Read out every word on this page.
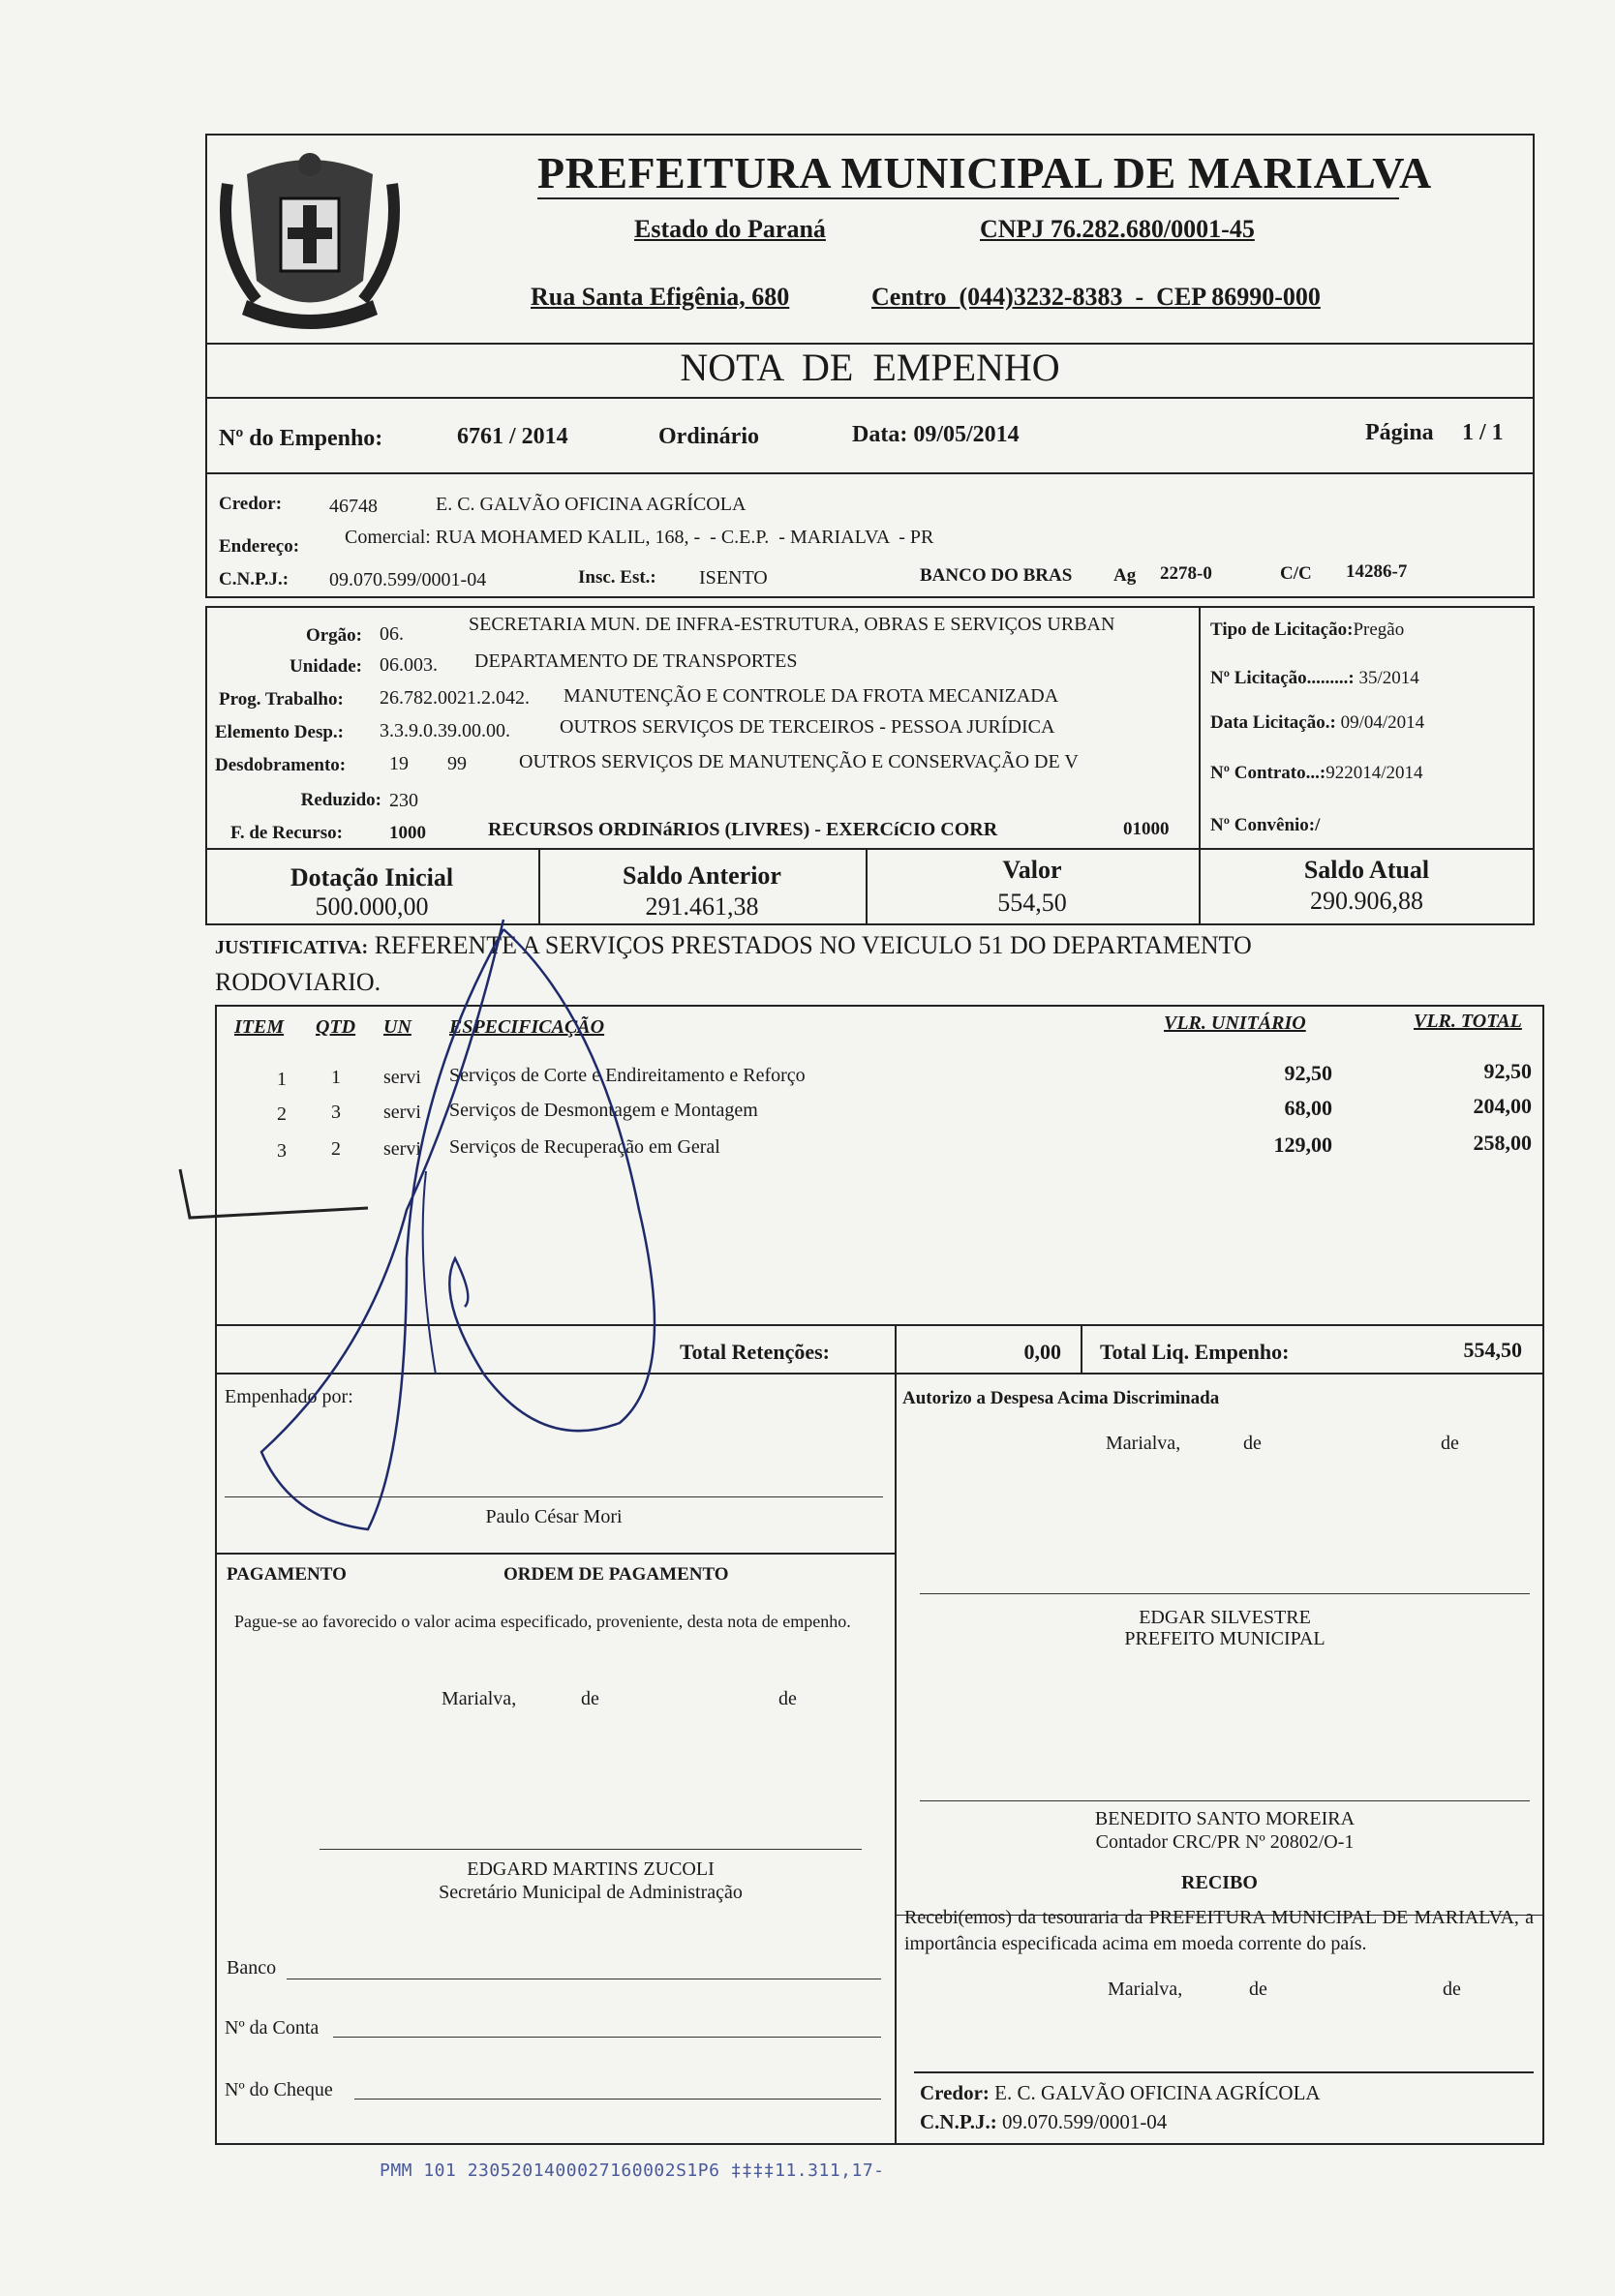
PREFEITURA MUNICIPAL DE MARIALVA
Estado do Paraná	CNPJ 76.282.680/0001-45
Rua Santa Efigênia, 680	Centro  (044)3232-8383  -  CEP 86990-000
NOTA  DE  EMPENHO
Nº do Empenho:	6761 / 2014	Ordinário	Data: 09/05/2014	Página 1 / 1
Credor: 46748	E. C. GALVÃO OFICINA AGRÍCOLA
Endereço: Comercial: RUA MOHAMED KALIL, 168, -  - C.E.P.  - MARIALVA  - PR
C.N.P.J.: 09.070.599/0001-04	Insc. Est.: ISENTO	BANCO DO BRAS Ag 2278-0	C/C 14286-7
Orgão: 06.	SECRETARIA MUN. DE INFRA-ESTRUTURA, OBRAS E SERVIÇOS URBAN
Unidade: 06.003. DEPARTAMENTO DE TRANSPORTES
Prog. Trabalho: 26.782.0021.2.042. MANUTENÇÃO E CONTROLE DA FROTA MECANIZADA
Elemento Desp.: 3.3.9.0.39.00.00.	OUTROS SERVIÇOS DE TERCEIROS - PESSOA JURÍDICA
Desdobramento: 19 99	OUTROS SERVIÇOS DE MANUTENÇÃO E CONSERVAÇÃO DE V
Reduzido: 230
F. de Recurso:	1000	RECURSOS ORDINáRIOS (LIVRES) - EXERCíCIO CORR	01000
Tipo de Licitação:Pregão
Nº Licitação.........: 35/2014
Data Licitação.: 09/04/2014
Nº Contrato...:922014/2014
Nº Convênio:/
Dotação Inicial
500.000,00
Saldo Anterior
291.461,38
Valor
554,50
Saldo Atual
290.906,88
JUSTIFICATIVA: REFERENTE A SERVIÇOS PRESTADOS NO VEICULO 51 DO DEPARTAMENTO
RODOVIARIO.
ITEM QTD UN ESPECIFICAÇÃO	VLR. UNITÁRIO	VLR. TOTAL
1 1 servi Serviços de Corte e Endireitamento e Reforço	92,50	92,50
2 3 servi Serviços de Desmontagem e Montagem	68,00	204,00
3 2 servi Serviços de Recuperação em Geral	129,00	258,00
Total Retenções:	0,00 Total Liq. Empenho:	554,50
Empenhado por:
Paulo César Mori
Autorizo a Despesa Acima Discriminada
Marialva,	de	de
EDGAR SILVESTRE
PREFEITO MUNICIPAL
PAGAMENTO	ORDEM DE PAGAMENTO
Pague-se ao favorecido o valor acima especificado, proveniente, desta nota de empenho.
Marialva,	de	de
BENEDITO SANTO MOREIRA
Contador CRC/PR Nº 20802/O-1
EDGARD MARTINS ZUCOLI
Secretário Municipal de Administração	RECIBO
Recebi(emos) da tesouraria da PREFEITURA MUNICIPAL DE MARIALVA, a importância especificada acima em moeda corrente do país.
Marialva,	de	de
Banco
Nº da Conta
Nº do Cheque	Credor: E. C. GALVÃO OFICINA AGRÍCOLA
C.N.P.J.: 09.070.599/0001-04
PMM 101 2305201400027160002S1P6 ‡‡‡‡11.311,17-
